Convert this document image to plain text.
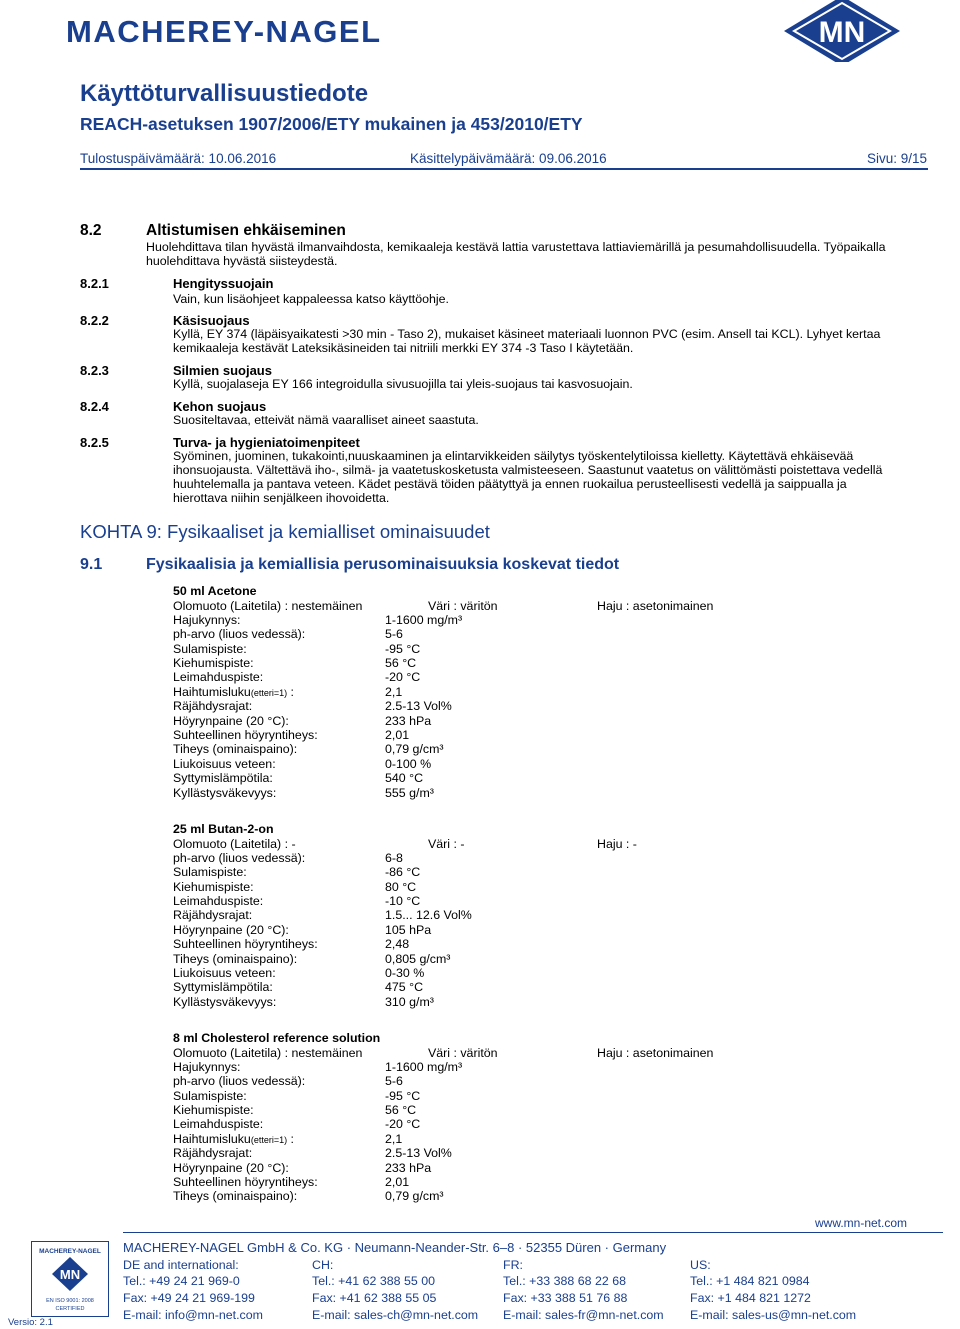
MACHEREY-NAGEL	MN
Käyttöturvallisuustiedote
REACH-asetuksen 1907/2006/ETY mukainen ja 453/2010/ETY
Tulostuspäivämäärä: 10.06.2016	Käsittelypäivämäärä: 09.06.2016	Sivu: 9/15
8.2	Altistumisen ehkäiseminen
Huolehdittava tilan hyvästä ilmanvaihdosta, kemikaaleja kestävä lattia varustettava lattiaviemärillä ja pesumahdollisuudella. Työpaikalla
huolehdittava hyvästä siisteydestä.
8.2.1	Hengityssuojain
Vain, kun lisäohjeet kappaleessa katso käyttöohje.
8.2.2	Käsisuojaus
Kyllä, EY 374 (läpäisyaikatesti >30 min - Taso 2), mukaiset käsineet materiaali luonnon PVC (esim. Ansell tai KCL). Lyhyet kertaa
kemikaaleja kestävät Lateksikäsineiden tai nitriili merkki EY 374 -3 Taso I käytetään.
8.2.3	Silmien suojaus
Kyllä, suojalaseja EY 166 integroidulla sivusuojilla tai yleis-suojaus tai kasvosuojain.
8.2.4	Kehon suojaus
Suositeltavaa, etteivät nämä vaaralliset aineet saastuta.
8.2.5	Turva- ja hygieniatoimenpiteet
Syöminen, juominen, tukakointi,nuuskaaminen ja elintarvikkeiden säilytys työskentelytiloissa kielletty. Käytettävä ehkäisevää
ihonsuojausta. Vältettävä iho-, silmä- ja vaatetuskosketusta valmisteeseen. Saastunut vaatetus on välittömästi poistettava vedellä
huuhtelemalla ja pantava veteen. Kädet pestävä töiden päätyttyä ja ennen ruokailua perusteellisesti vedellä ja saippualla ja
hierottava niihin senjälkeen ihovoidetta.
KOHTA 9: Fysikaaliset ja kemialliset ominaisuudet
9.1	Fysikaalisia ja kemiallisia perusominaisuuksia koskevat tiedot
50 ml Acetone
Olomuoto (Laitetila) : nestemäinen	Väri : väritön	Haju : asetonimainen
Hajukynnys:	1-1600 mg/m³
ph-arvo (liuos vedessä):	5-6
Sulamispiste:	-95 °C
Kiehumispiste:	56 °C
Leimahduspiste:	-20 °C
Haihtumisluku(etteri=1) :	2,1
Räjähdysrajat:	2.5-13 Vol%
Höyrynpaine (20 °C):	233 hPa
Suhteellinen höyryntiheys:	2,01
Tiheys (ominaispaino):	0,79 g/cm³
Liukoisuus veteen:	0-100 %
Syttymislämpötila:	540 °C
Kyllästysväkevyys:	555 g/m³
25 ml Butan-2-on
Olomuoto (Laitetila) : -	Väri : -	Haju : -
ph-arvo (liuos vedessä):	6-8
Sulamispiste:	-86 °C
Kiehumispiste:	80 °C
Leimahduspiste:	-10 °C
Räjähdysrajat:	1.5... 12.6 Vol%
Höyrynpaine (20 °C):	105 hPa
Suhteellinen höyryntiheys:	2,48
Tiheys (ominaispaino):	0,805 g/cm³
Liukoisuus veteen:	0-30 %
Syttymislämpötila:	475 °C
Kyllästysväkevyys:	310 g/m³
8 ml Cholesterol reference solution
Olomuoto (Laitetila) : nestemäinen	Väri : väritön	Haju : asetonimainen
Hajukynnys:	1-1600 mg/m³
ph-arvo (liuos vedessä):	5-6
Sulamispiste:	-95 °C
Kiehumispiste:	56 °C
Leimahduspiste:	-20 °C
Haihtumisluku(etteri=1) :	2,1
Räjähdysrajat:	2.5-13 Vol%
Höyrynpaine (20 °C):	233 hPa
Suhteellinen höyryntiheys:	2,01
Tiheys (ominaispaino):	0,79 g/cm³
www.mn-net.com
MACHEREY-NAGEL
MN
EN ISO 9001: 2008
CERTIFIED
MACHEREY-NAGEL GmbH & Co. KG · Neumann-Neander-Str. 6–8 · 52355 Düren · Germany
DE and international:
Tel.: +49 24 21 969-0
Fax: +49 24 21 969-199
E-mail: info@mn-net.com
CH:
Tel.: +41 62 388 55 00
Fax: +41 62 388 55 05
E-mail: sales-ch@mn-net.com
FR:
Tel.: +33 388 68 22 68
Fax: +33 388 51 76 88
E-mail: sales-fr@mn-net.com
US:
Tel.: +1 484 821 0984
Fax: +1 484 821 1272
E-mail: sales-us@mn-net.com
Versio: 2.1
